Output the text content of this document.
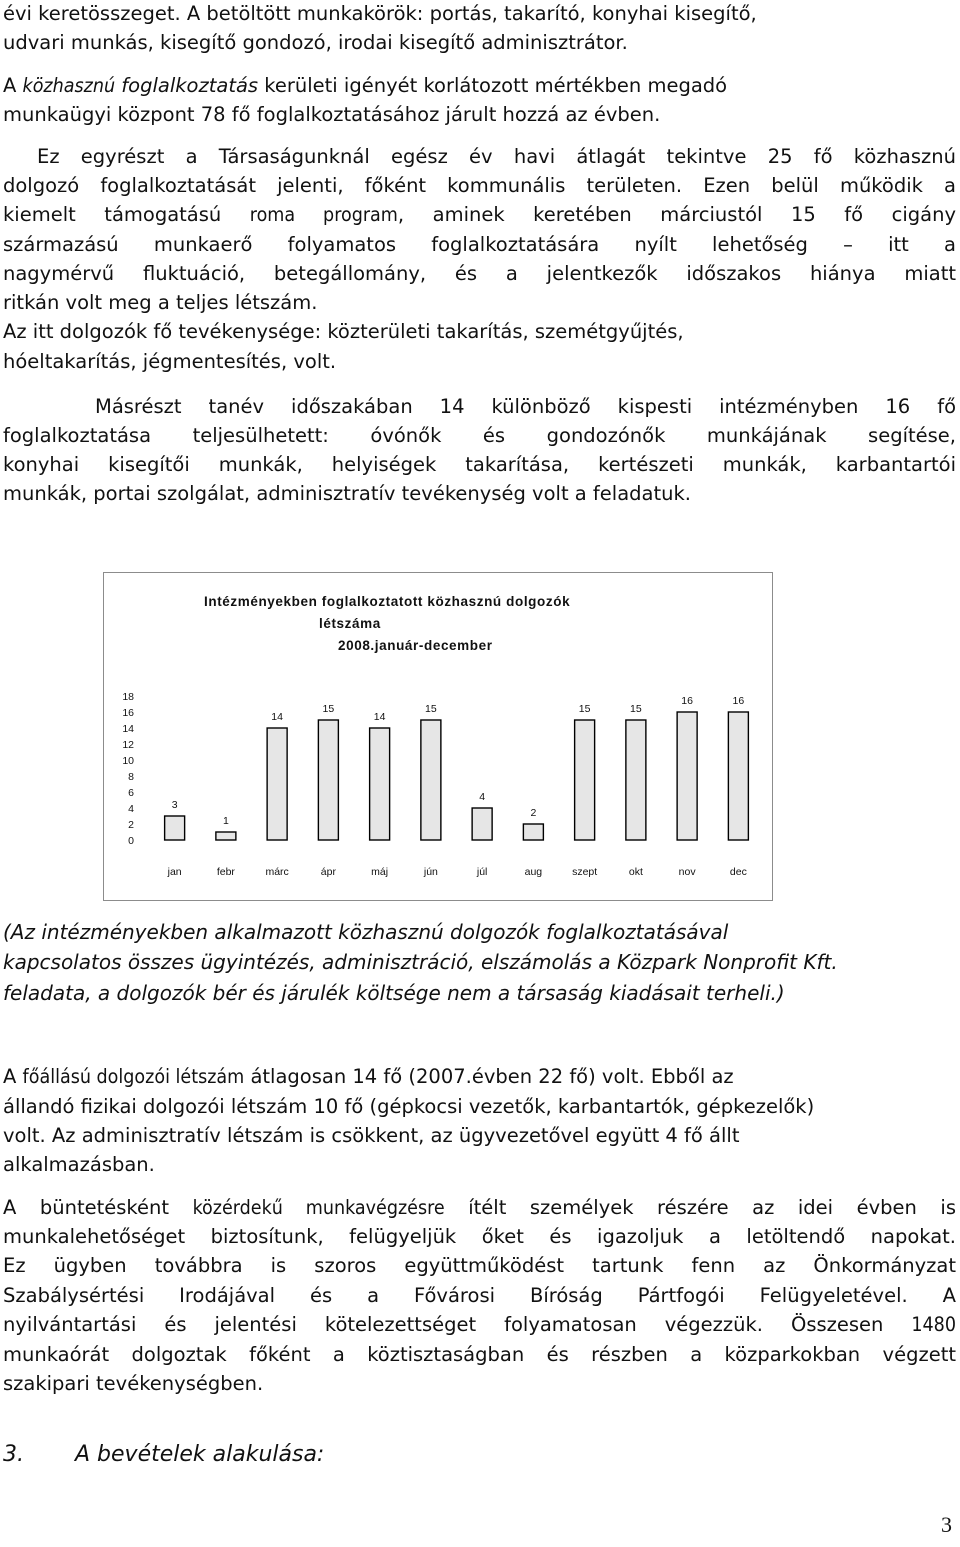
évi keretösszeget. A betöltött munkakörök: portás, takarító, konyhai kisegítő,
udvari munkás, kisegítő gondozó, irodai kisegítő adminisztrátor.
A közhasznú foglalkoztatás kerületi igényét korlátozott mértékben megadó
munkaügyi központ 78 fő foglalkoztatásához járult hozzá az évben.
Ez egyrészt a Társaságunknál egész év havi átlagát tekintve 25 fő közhasznú
dolgozó foglalkoztatását jelenti, főként kommunális területen. Ezen belül működik a
kiemelt támogatású roma program, aminek keretében márciustól 15 fő cigány
származású munkaerő folyamatos foglalkoztatására nyílt lehetőség – itt a
nagymérvű fluktuáció, betegállomány, és a jelentkezők időszakos hiánya miatt
ritkán volt meg a teljes létszám.
Az itt dolgozók fő tevékenysége: közterületi takarítás, szemétgyűjtés,
hóeltakarítás, jégmentesítés, volt.
Másrészt tanév időszakában 14 különböző kispesti intézményben 16 fő
foglalkoztatása teljesülhetett: óvónők és gondozónők munkájának segítése,
konyhai kisegítői munkák, helyiségek takarítása, kertészeti munkák, karbantartói
munkák, portai szolgálat, adminisztratív tevékenység volt a feladatuk.
Intézményekben foglalkoztatott közhasznú dolgozók
létszáma
2008.január-december
0
2
4
6
8
10
12
14
16
18
3
jan
1
febr
14
márc
15
ápr
14
máj
15
jún
4
júl
2
aug
15
szept
15
okt
16
nov
16
dec
(Az intézményekben alkalmazott közhasznú dolgozók foglalkoztatásával
kapcsolatos összes ügyintézés, adminisztráció, elszámolás a Közpark Nonprofit Kft.
feladata, a dolgozók bér és járulék költsége nem a társaság kiadásait terheli.)
A főállású dolgozói létszám átlagosan 14 fő (2007.évben 22 fő) volt. Ebből az
állandó fizikai dolgozói létszám 10 fő (gépkocsi vezetők, karbantartók, gépkezelők)
volt. Az adminisztratív létszám is csökkent, az ügyvezetővel együtt 4 fő állt
alkalmazásban.
A büntetésként közérdekű munkavégzésre ítélt személyek részére az idei évben is
munkalehetőséget biztosítunk, felügyeljük őket és igazoljuk a letöltendő napokat.
Ez ügyben továbbra is szoros együttműködést tartunk fenn az Önkormányzat
Szabálysértési Irodájával és a Fővárosi Bíróság Pártfogói Felügyeletével. A
nyilvántartási és jelentési kötelezettséget folyamatosan végezzük. Összesen 1480
munkaórát dolgoztak főként a köztisztaságban és részben a közparkokban végzett
szakipari tevékenységben.
3. A bevételek alakulása:
3
